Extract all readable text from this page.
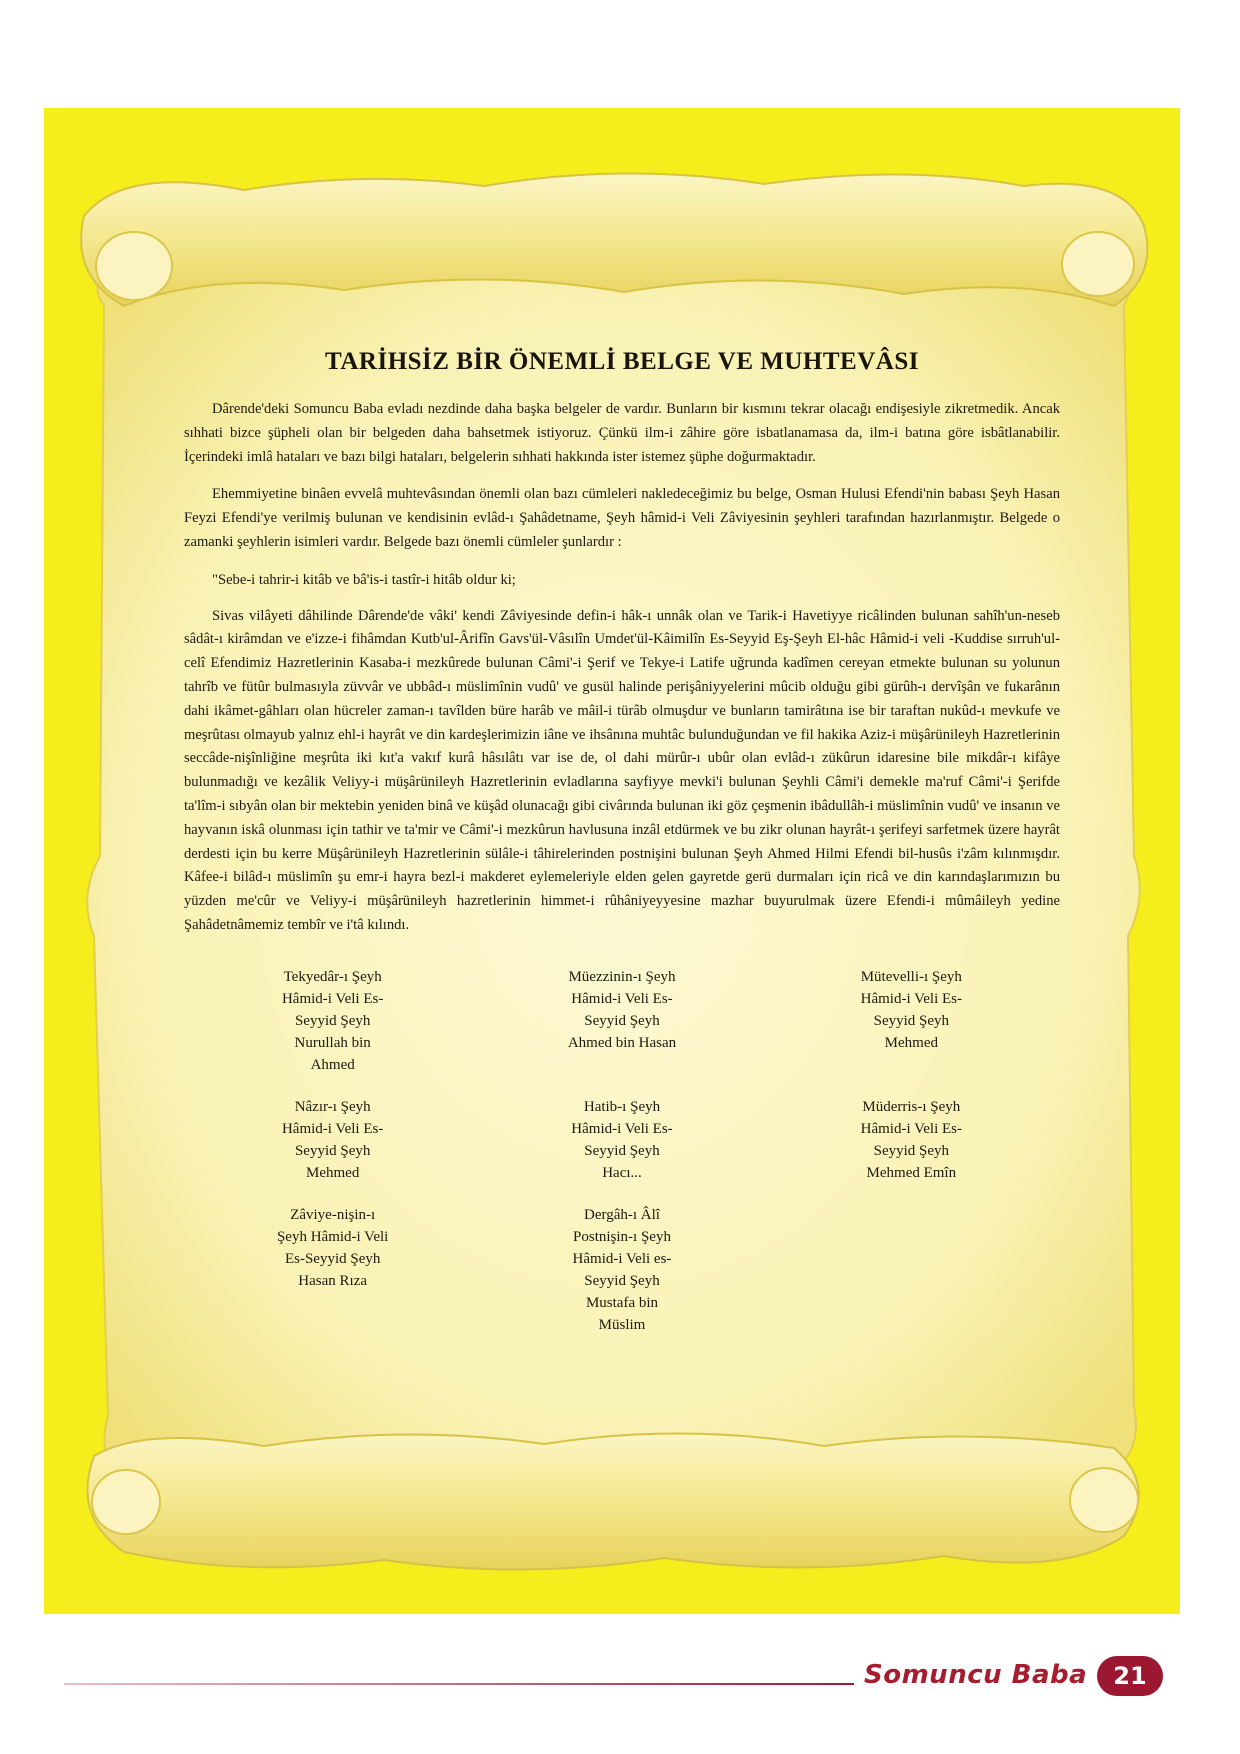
TARİHSİZ BİR ÖNEMLİ BELGE VE MUHTEVÂSI

Dârende'deki Somuncu Baba evladı nezdinde daha başka belgeler de vardır. Bunların bir kısmını tekrar olacağı endişesiyle zikretmedik. Ancak sıhhati bizce şüpheli olan bir belgeden daha bahsetmek istiyoruz. Çünkü ilm-i zâhire göre isbatlanamasa da, ilm-i batına göre isbâtlanabilir. İçerindeki imlâ hataları ve bazı bilgi hataları, belgelerin sıhhati hakkında ister istemez şüphe doğurmaktadır.

Ehemmiyetine binâen evvelâ muhtevâsından önemli olan bazı cümleleri nakledeceğimiz bu belge, Osman Hulusi Efendi'nin babası Şeyh Hasan Feyzi Efendi'ye verilmiş bulunan ve kendisinin evlâd-ı Şahâdetname, Şeyh hâmid-i Veli Zâviyesinin şeyhleri tarafından hazırlanmıştır. Belgede o zamanki şeyhlerin isimleri vardır. Belgede bazı önemli cümleler şunlardır :

"Sebe-i tahrir-i kitâb ve bâ'is-i tastîr-i hitâb oldur ki;

Sivas vilâyeti dâhilinde Dârende'de vâki' kendi Zâviyesinde defin-i hâk-ı unnâk olan ve Tarik-i Havetiyye ricâlinden bulunan sahîh'un-neseb sâdât-ı kirâmdan ve e'izze-i fihâmdan Kutb'ul-Ârifîn Gavs'ül-Vâsılîn Umdet'ül-Kâimilîn Es-Seyyid Eş-Şeyh El-hâc Hâmid-i veli -Kuddise sırruh'ul-celî Efendimiz Hazretlerinin Kasaba-i mezkûrede bulunan Câmi'-i Şerif ve Tekye-i Latife uğrunda kadîmen cereyan etmekte bulunan su yolunun tahrîb ve fütûr bulmasıyla züvvâr ve ubbâd-ı müslimînin vudû' ve gusül halinde perişâniyyelerini mûcib olduğu gibi gürûh-ı dervîşân ve fukarânın dahi ikâmet-gâhları olan hücreler zaman-ı tavîlden büre harâb ve mâil-i türâb olmuşdur ve bunların tamirâtına ise bir taraftan nukûd-ı mevkufe ve meşrûtası olmayub yalnız ehl-i hayrât ve din kardeşlerimizin iâne ve ihsânına muhtâc bulunduğundan ve fil hakika Aziz-i müşârünileyh Hazretlerinin seccâde-nişînliğine meşrûta iki kıt'a vakıf kurâ hâsılâtı var ise de, ol dahi mürûr-ı ubûr olan evlâd-ı zükûrun idaresine bile mikdâr-ı kifâye bulunmadığı ve kezâlik Veliyy-i müşârünileyh Hazretlerinin evladlarına sayfiyye mevki'i bulunan Şeyhli Câmi'i demekle ma'ruf Câmi'-i Şerifde ta'lîm-i sıbyân olan bir mektebin yeniden binâ ve küşâd olunacağı gibi civârında bulunan iki göz çeşmenin ibâdullâh-i müslimînin vudû' ve insanın ve hayvanın iskâ olunması için tathir ve ta'mir ve Câmi'-i mezkûrun havlusuna inzâl etdürmek ve bu zikr olunan hayrât-ı şerifeyi sarfetmek üzere hayrât derdesti için bu kerre Müşârünileyh Hazretlerinin sülâle-i tâhirelerinden postnişini bulunan Şeyh Ahmed Hilmi Efendi bil-husûs i'zâm kılınmışdır. Kâfee-i bilâd-ı müslimîn şu emr-i hayra bezl-i makderet eylemeleriyle elden gelen gayretde gerü durmaları için ricâ ve din karındaşlarımızın bu yüzden me'cûr ve Veliyy-i müşârünileyh hazretlerinin himmet-i rûhâniyeyyesine mazhar buyurulmak üzere Efendi-i mûmâileyh yedine Şahâdetnâmemiz tembîr ve i'tâ kılındı.

Tekyedâr-ı Şeyh
Hâmid-i Veli Es-
Seyyid Şeyh
Nurullah bin
Ahmed
Müezzinin-ı Şeyh
Hâmid-i Veli Es-
Seyyid Şeyh
Ahmed bin Hasan
Mütevelli-ı Şeyh
Hâmid-i Veli Es-
Seyyid Şeyh
Mehmed
Nâzır-ı Şeyh
Hâmid-i Veli Es-
Seyyid Şeyh
Mehmed
Hatib-ı Şeyh
Hâmid-i Veli Es-
Seyyid Şeyh
Hacı...
Müderris-ı Şeyh
Hâmid-i Veli Es-
Seyyid Şeyh
Mehmed Emîn
Zâviye-nişin-ı
Şeyh Hâmid-i Veli
Es-Seyyid Şeyh
Hasan Rıza
Dergâh-ı Âlî
Postnişin-ı Şeyh
Hâmid-i Veli es-
Seyyid Şeyh
Mustafa bin
Müslim
Somuncu Baba	21
